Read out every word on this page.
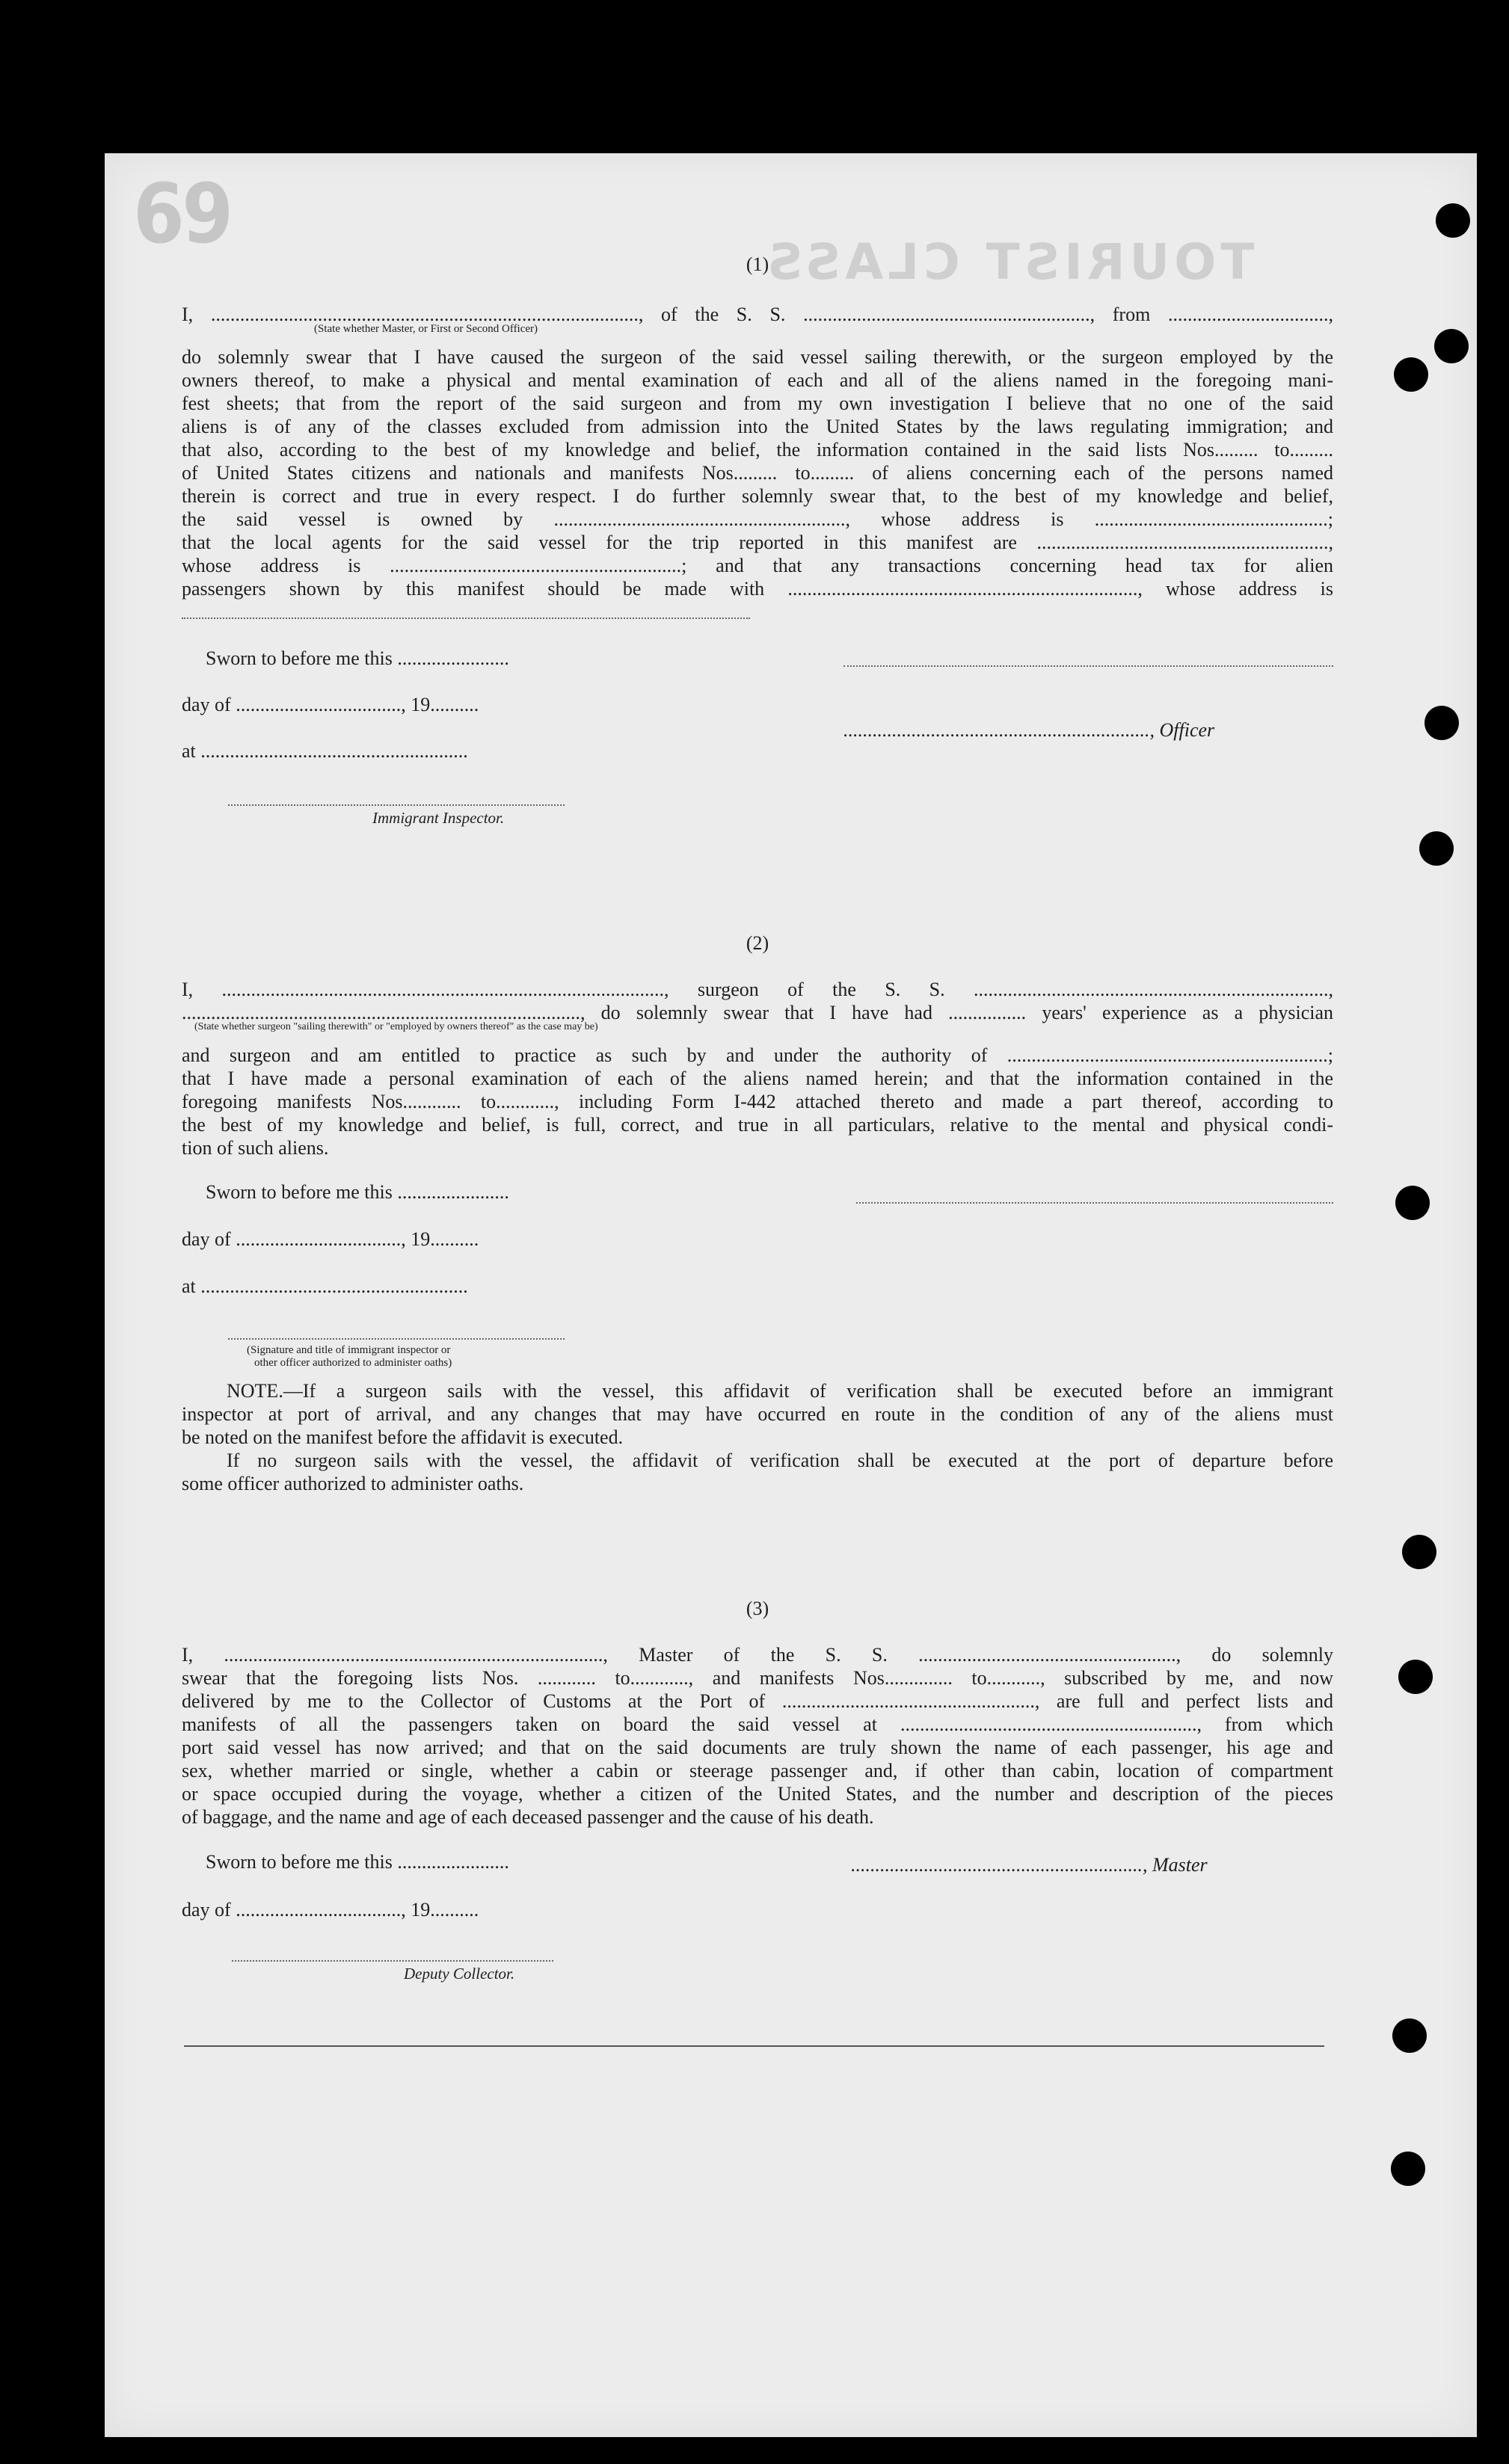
69
TOURIST CLASS
(1)
I, ........................................................................................, of the S. S. ..........................................................., from .................................,
(State whether Master, or First or Second Officer)
do solemnly swear that I have caused the surgeon of the said vessel sailing therewith, or the surgeon employed by the
owners thereof, to make a physical and mental examination of each and all of the aliens named in the foregoing mani-
fest sheets; that from the report of the said surgeon and from my own investigation I believe that no one of the said
aliens is of any of the classes excluded from admission into the United States by the laws regulating immigration; and
that also, according to the best of my knowledge and belief, the information contained in the said lists Nos......... to.........
of United States citizens and nationals and manifests Nos......... to......... of aliens concerning each of the persons named
therein is correct and true in every respect. I do further solemnly swear that, to the best of my knowledge and belief,
the said vessel is owned by ............................................................, whose address is ................................................;
that the local agents for the said vessel for the trip reported in this manifest are ............................................................,
whose address is ............................................................; and that any transactions concerning head tax for alien
passengers shown by this manifest should be made with ........................................................................, whose address is
Sworn to before me this .......................
day of .................................., 19..........
..............................................................., Officer
at .......................................................
Immigrant Inspector.
(2)
I, ..........................................................................................., surgeon of the S. S. .........................................................................,
.................................................................................., do solemnly swear that I have had ................ years' experience as a physician
(State whether surgeon "sailing therewith" or "employed by owners thereof" as the case may be)
and surgeon and am entitled to practice as such by and under the authority of ..................................................................;
that I have made a personal examination of each of the aliens named herein; and that the information contained in the
foregoing manifests Nos............ to............, including Form I-442 attached thereto and made a part thereof, according to
the best of my knowledge and belief, is full, correct, and true in all particulars, relative to the mental and physical condi-
tion of such aliens.
Sworn to before me this .......................
day of .................................., 19..........
at .......................................................
(Signature and title of immigrant inspector or
other officer authorized to administer oaths)
NOTE.—If a surgeon sails with the vessel, this affidavit of verification shall be executed before an immigrant
inspector at port of arrival, and any changes that may have occurred en route in the condition of any of the aliens must
be noted on the manifest before the affidavit is executed.
If no surgeon sails with the vessel, the affidavit of verification shall be executed at the port of departure before
some officer authorized to administer oaths.
(3)
I, .............................................................................., Master of the S. S. ....................................................., do solemnly
swear that the foregoing lists Nos. ............ to............, and manifests Nos.............. to..........., subscribed by me, and now
delivered by me to the Collector of Customs at the Port of ...................................................., are full and perfect lists and
manifests of all the passengers taken on board the said vessel at ............................................................., from which
port said vessel has now arrived; and that on the said documents are truly shown the name of each passenger, his age and
sex, whether married or single, whether a cabin or steerage passenger and, if other than cabin, location of compartment
or space occupied during the voyage, whether a citizen of the United States, and the number and description of the pieces
of baggage, and the name and age of each deceased passenger and the cause of his death.
Sworn to before me this .......................	............................................................, Master
day of .................................., 19..........
Deputy Collector.
